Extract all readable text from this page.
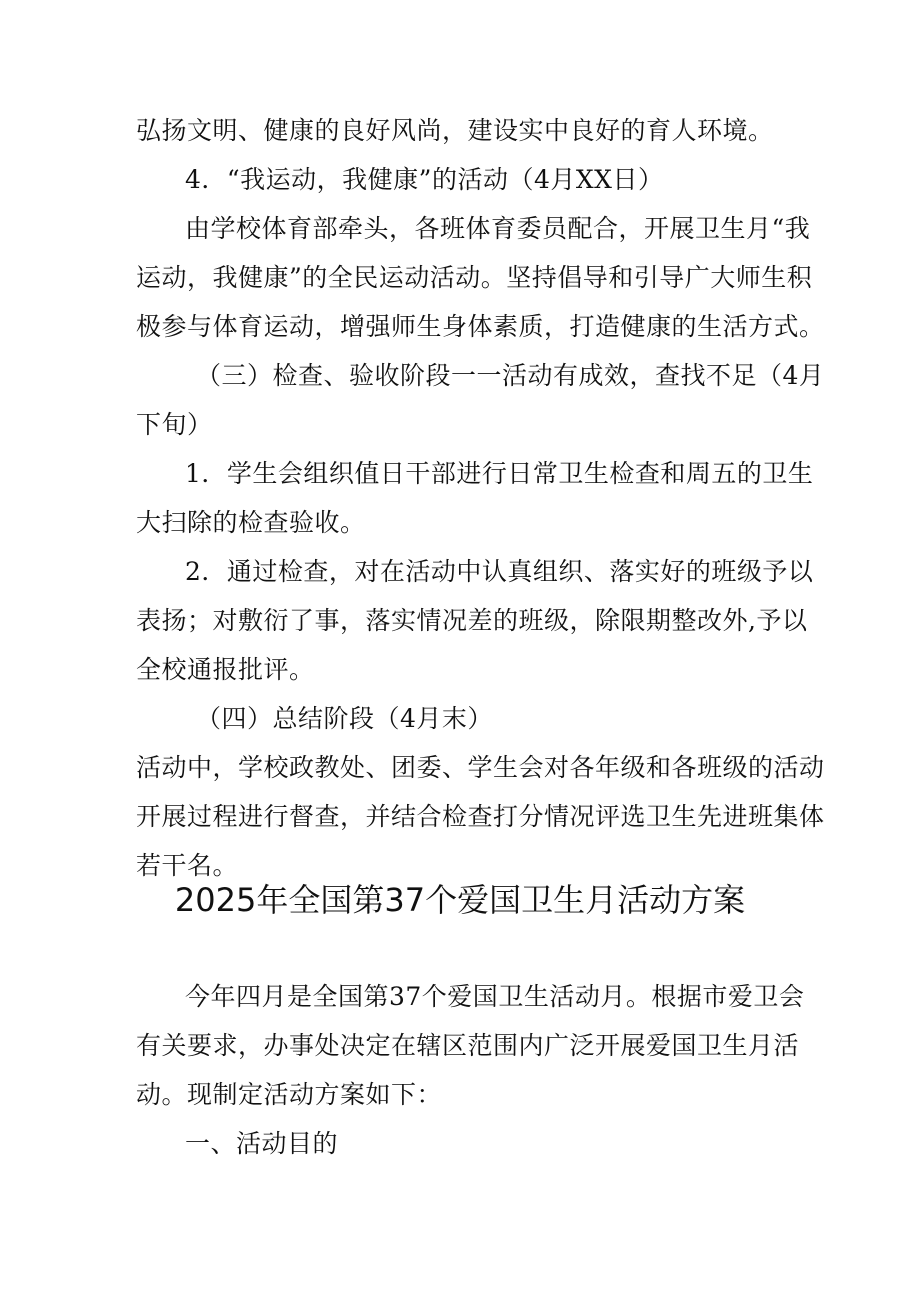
弘扬文明、健康的良好风尚，建设实中良好的育人环境。
4．“我运动，我健康”的活动（4月XX日）
由学校体育部牵头，各班体育委员配合，开展卫生月“我
运动，我健康”的全民运动活动。坚持倡导和引导广大师生积
极参与体育运动，增强师生身体素质，打造健康的生活方式。
（三）检查、验收阶段一一活动有成效，查找不足（4月
下旬）
1．学生会组织值日干部进行日常卫生检查和周五的卫生
大扫除的检查验收。
2．通过检查，对在活动中认真组织、落实好的班级予以
表扬；对敷衍了事，落实情况差的班级，除限期整改外,予以
全校通报批评。
（四）总结阶段（4月末）
活动中，学校政教处、团委、学生会对各年级和各班级的活动
开展过程进行督查，并结合检查打分情况评选卫生先进班集体
若干名。
2025年全国第37个爱国卫生月活动方案
今年四月是全国第37个爱国卫生活动月。根据市爱卫会
有关要求，办事处决定在辖区范围内广泛开展爱国卫生月活
动。现制定活动方案如下：
一、活动目的
